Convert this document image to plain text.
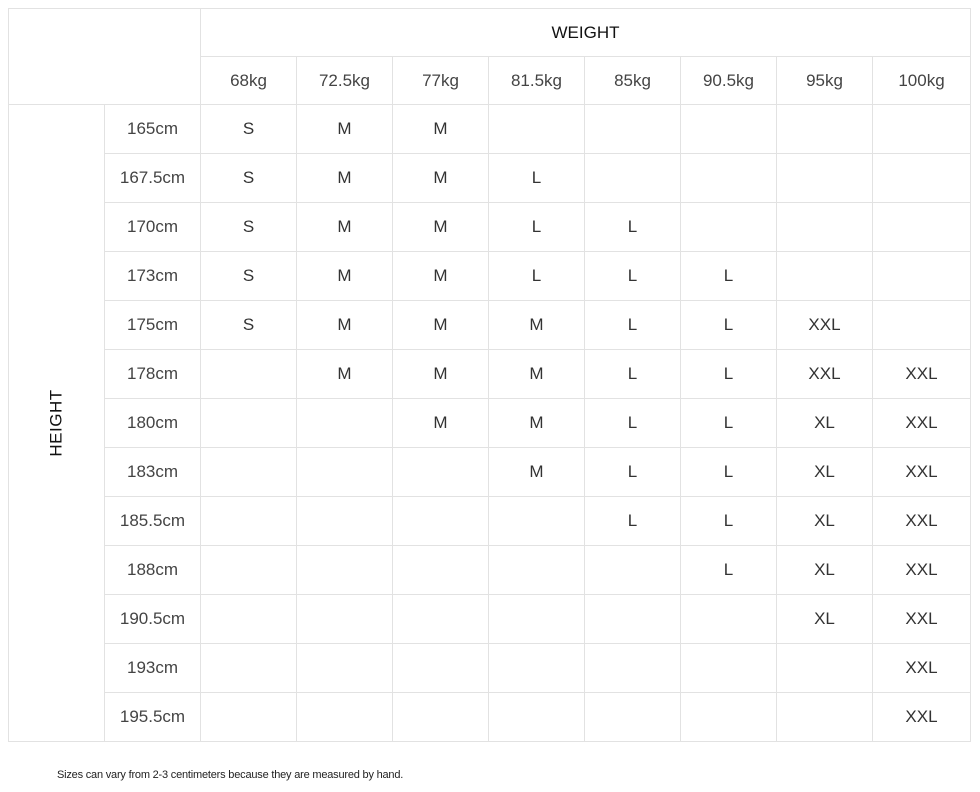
		WEIGHT							
		68kg	72.5kg	77kg	81.5kg	85kg	90.5kg	95kg	100kg
HEIGHT	165cm	S	M	M					
	167.5cm	S	M	M	L				
	170cm	S	M	M	L	L			
	173cm	S	M	M	L	L	L		
	175cm	S	M	M	M	L	L	XXL	
	178cm		M	M	M	L	L	XXL	XXL
	180cm			M	M	L	L	XL	XXL
	183cm				M	L	L	XL	XXL
	185.5cm					L	L	XL	XXL
	188cm						L	XL	XXL
	190.5cm							XL	XXL
	193cm								XXL
	195.5cm								XXL
Sizes can vary from 2-3 centimeters because they are measured by hand.
